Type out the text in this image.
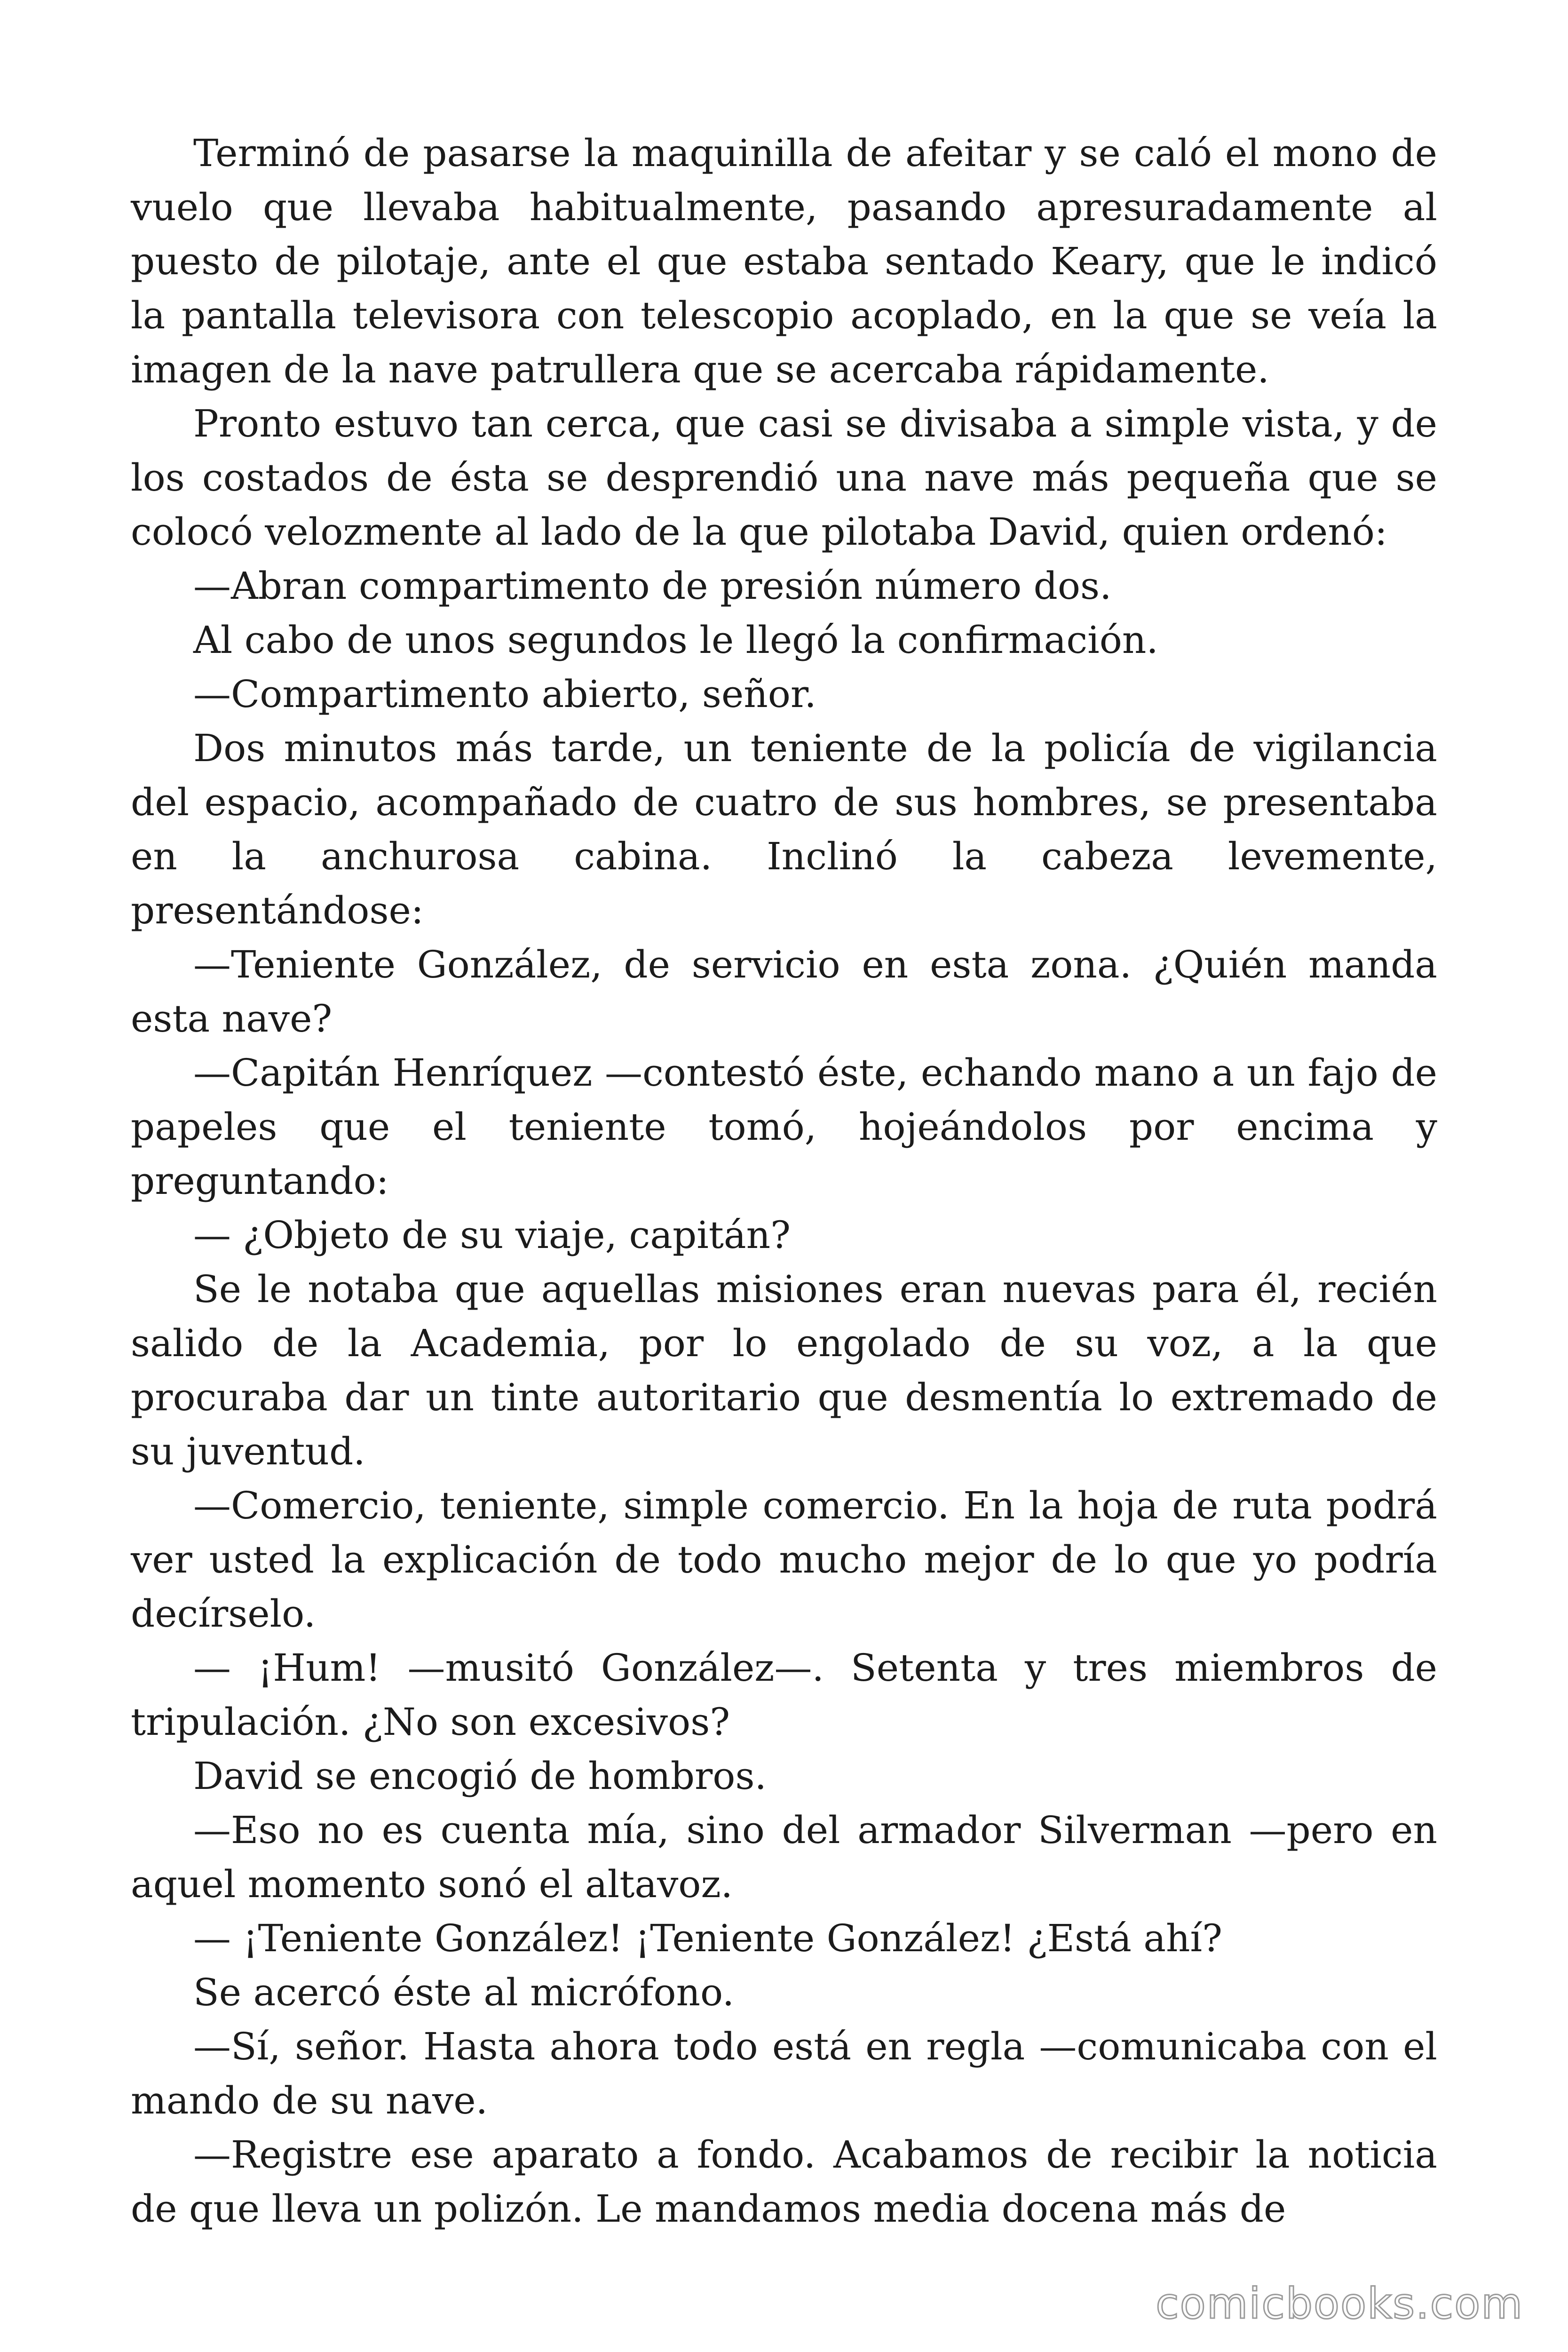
Terminó de pasarse la maquinilla de afeitar y se caló el mono de vuelo que llevaba habitualmente, pasando apresuradamente al puesto de pilotaje, ante el que estaba sentado Keary, que le indicó la pantalla televisora con telescopio acoplado, en la que se veía la imagen de la nave patrullera que se acercaba rápidamente.

Pronto estuvo tan cerca, que casi se divisaba a simple vista, y de los costados de ésta se desprendió una nave más pequeña que se colocó velozmente al lado de la que pilotaba David, quien ordenó:

—Abran compartimento de presión número dos.

Al cabo de unos segundos le llegó la confirmación.

—Compartimento abierto, señor.

Dos minutos más tarde, un teniente de la policía de vigilancia del espacio, acompañado de cuatro de sus hombres, se presentaba en la anchurosa cabina. Inclinó la cabeza levemente, presentándose:

—Teniente González, de servicio en esta zona. ¿Quién manda esta nave?

—Capitán Henríquez —contestó éste, echando mano a un fajo de papeles que el teniente tomó, hojeándolos por encima y preguntando:

— ¿Objeto de su viaje, capitán?

Se le notaba que aquellas misiones eran nuevas para él, recién salido de la Academia, por lo engolado de su voz, a la que procuraba dar un tinte autoritario que desmentía lo extremado de su juventud.

—Comercio, teniente, simple comercio. En la hoja de ruta podrá ver usted la explicación de todo mucho mejor de lo que yo podría decírselo.

— ¡Hum! —musitó González—. Setenta y tres miembros de tripulación. ¿No son excesivos?

David se encogió de hombros.

—Eso no es cuenta mía, sino del armador Silverman —pero en aquel momento sonó el altavoz.

— ¡Teniente González! ¡Teniente González! ¿Está ahí?

Se acercó éste al micrófono.

—Sí, señor. Hasta ahora todo está en regla —comunicaba con el mando de su nave.

—Registre ese aparato a fondo. Acabamos de recibir la noticia de que lleva un polizón. Le mandamos media docena más de

comicbooks.com
